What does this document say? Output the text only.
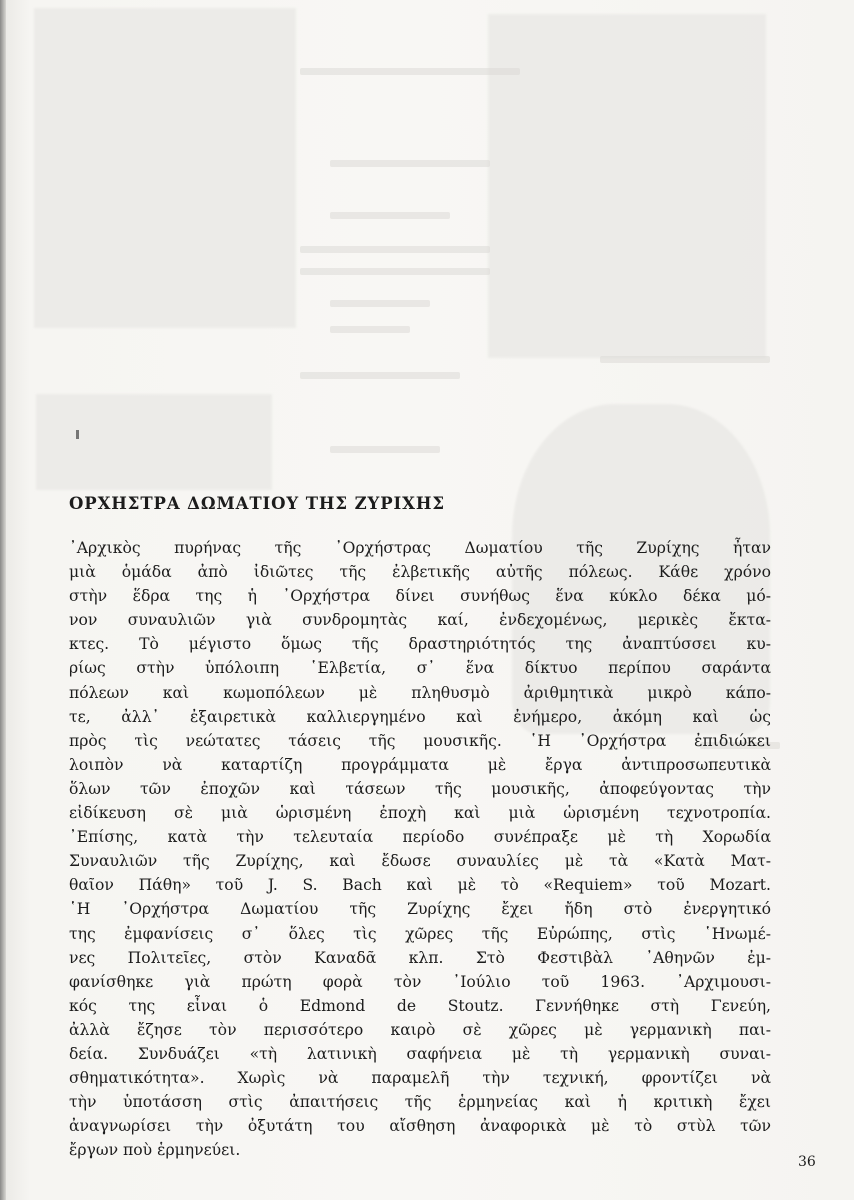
ΟΡΧΗΣΤΡΑ ΔΩΜΑΤΙΟΥ ΤΗΣ ΖΥΡΙΧΗΣ
᾿Αρχικὸς πυρήνας τῆς ᾿Ορχήστρας Δωματίου τῆς Ζυρίχης ἦταν
μιὰ ὁμάδα ἀπὸ ἰδιῶτες τῆς ἐλβετικῆς αὐτῆς πόλεως. Κάθε χρόνο
στὴν ἕδρα της ἡ ᾿Ορχήστρα δίνει συνήθως ἕνα κύκλο δέκα μό-
νον συναυλιῶν γιὰ συνδρομητὰς καί, ἐνδεχομένως, μερικὲς ἔκτα-
κτες. Τὸ μέγιστο ὅμως τῆς δραστηριότητός της ἀναπτύσσει κυ-
ρίως στὴν ὑπόλοιπη ῾Ελβετία, σ᾿ ἕνα δίκτυο περίπου σαράντα
πόλεων καὶ κωμοπόλεων μὲ πληθυσμὸ ἀριθμητικὰ μικρὸ κάπο-
τε, ἀλλ᾿ ἐξαιρετικὰ καλλιεργημένο καὶ ἐνήμερο, ἀκόμη καὶ ὡς
πρὸς τὶς νεώτατες τάσεις τῆς μουσικῆς. ῾Η ᾿Ορχήστρα ἐπιδιώκει
λοιπὸν νὰ καταρτίζη προγράμματα μὲ ἔργα ἀντιπροσωπευτικὰ
ὅλων τῶν ἐποχῶν καὶ τάσεων τῆς μουσικῆς, ἀποφεύγοντας τὴν
εἰδίκευση σὲ μιὰ ὡρισμένη ἐποχὴ καὶ μιὰ ὡρισμένη τεχνοτροπία.
᾿Επίσης, κατὰ τὴν τελευταία περίοδο συνέπραξε μὲ τὴ Χορωδία
Συναυλιῶν τῆς Ζυρίχης, καὶ ἔδωσε συναυλίες μὲ τὰ «Κατὰ Ματ-
θαῖον Πάθη» τοῦ J. S. Bach καὶ μὲ τὸ «Requiem» τοῦ Mozart.
῾Η ᾿Ορχήστρα Δωματίου τῆς Ζυρίχης ἔχει ἤδη στὸ ἐνεργητικό
της ἐμφανίσεις σ᾿ ὅλες τὶς χῶρες τῆς Εὐρώπης, στὶς ῾Ηνωμέ-
νες Πολιτεῖες, στὸν Καναδᾶ κλπ. Στὸ Φεστιβὰλ ᾿Αθηνῶν ἐμ-
φανίσθηκε γιὰ πρώτη φορὰ τὸν ᾿Ιούλιο τοῦ 1963. ᾿Αρχιμουσι-
κός της εἶναι ὁ Edmond de Stoutz. Γεννήθηκε στὴ Γενεύη,
ἀλλὰ ἔζησε τὸν περισσότερο καιρὸ σὲ χῶρες μὲ γερμανικὴ παι-
δεία. Συνδυάζει «τὴ λατινικὴ σαφήνεια μὲ τὴ γερμανικὴ συναι-
σθηματικότητα». Χωρὶς νὰ παραμελῆ τὴν τεχνική, φροντίζει νὰ
τὴν ὑποτάσση στὶς ἀπαιτήσεις τῆς ἑρμηνείας καὶ ἡ κριτικὴ ἔχει
ἀναγνωρίσει τὴν ὀξυτάτη του αἴσθηση ἀναφορικὰ μὲ τὸ στὺλ τῶν
ἔργων ποὺ ἑρμηνεύει.
36
